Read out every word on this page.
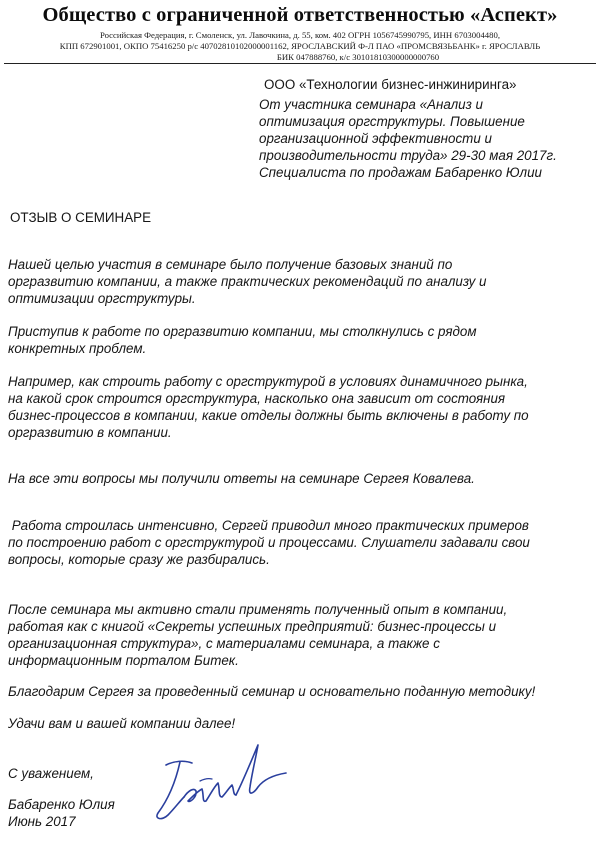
Общество с ограниченной ответственностью «Аспект»
Российская Федерация, г. Смоленск, ул. Лавочкина, д. 55, ком. 402 ОГРН 1056745990795, ИНН 6703004480,
КПП 672901001, ОКПО 75416250 р/с 40702810102000001162, ЯРОСЛАВСКИЙ Ф-Л ПАО «ПРОМСВЯЗЬБАНК» г. ЯРОСЛАВЛЬ
БИК 047888760, к/с 30101810300000000760
ООО «Технологии бизнес-инжиниринга»
От участника семинара «Анализ и
оптимизация оргструктуры. Повышение
организационной эффективности и
производительности труда» 29-30 мая 2017г.
Специалиста по продажам Бабаренко Юлии
ОТЗЫВ О СЕМИНАРЕ
Нашей целью участия в семинаре было получение базовых знаний по
оргразвитию компании, а также практических рекомендаций по анализу и
оптимизации оргструктуры.
Приступив к работе по оргразвитию компании, мы столкнулись с рядом
конкретных проблем.
Например, как строить работу с оргструктурой в условиях динамичного рынка,
на какой срок строится оргструктура, насколько она зависит от состояния
бизнес-процессов в компании, какие отделы должны быть включены в работу по
оргразвитию в компании.
На все эти вопросы мы получили ответы на семинаре Сергея Ковалева.
Работа строилась интенсивно, Сергей приводил много практических примеров
по построению работ с оргструктурой и процессами. Слушатели задавали свои
вопросы, которые сразу же разбирались.
После семинара мы активно стали применять полученный опыт в компании,
работая как с книгой «Секреты успешных предприятий: бизнес-процессы и
организационная структура», с материалами семинара, а также с
информационным порталом Битек.
Благодарим Сергея за проведенный семинар и основательно поданную методику!
Удачи вам и вашей компании далее!
С уважением,
Бабаренко Юлия
Июнь 2017
